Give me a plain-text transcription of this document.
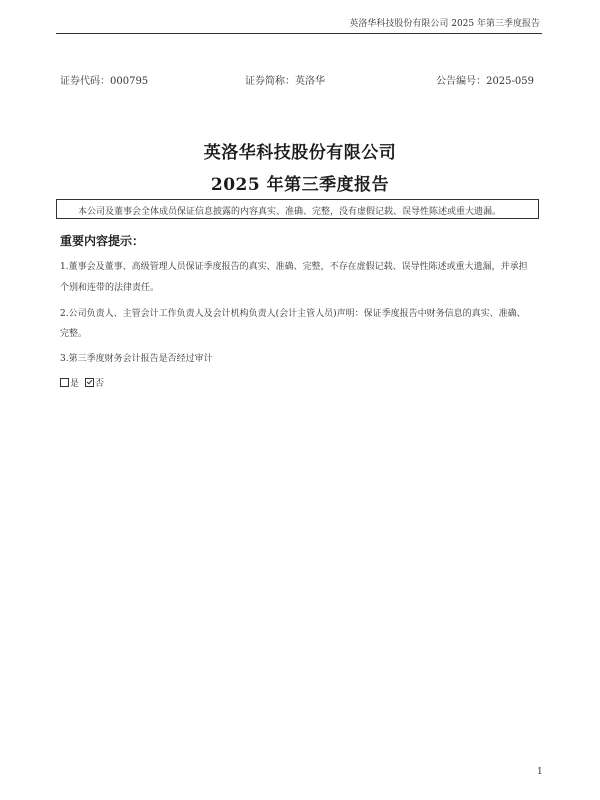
英洛华科技股份有限公司 2025 年第三季度报告
证券代码：000795	证券简称：英洛华	公告编号：2025-059
英洛华科技股份有限公司
2025 年第三季度报告
本公司及董事会全体成员保证信息披露的内容真实、准确、完整，没有虚假记载、误导性陈述或重大遗漏。
重要内容提示：
1.董事会及董事、高级管理人员保证季度报告的真实、准确、完整，不存在虚假记载、误导性陈述或重大遗漏，并承担
个别和连带的法律责任。
2.公司负责人、主管会计工作负责人及会计机构负责人(会计主管人员)声明：保证季度报告中财务信息的真实、准确、
完整。
3.第三季度财务会计报告是否经过审计
是 否
1
